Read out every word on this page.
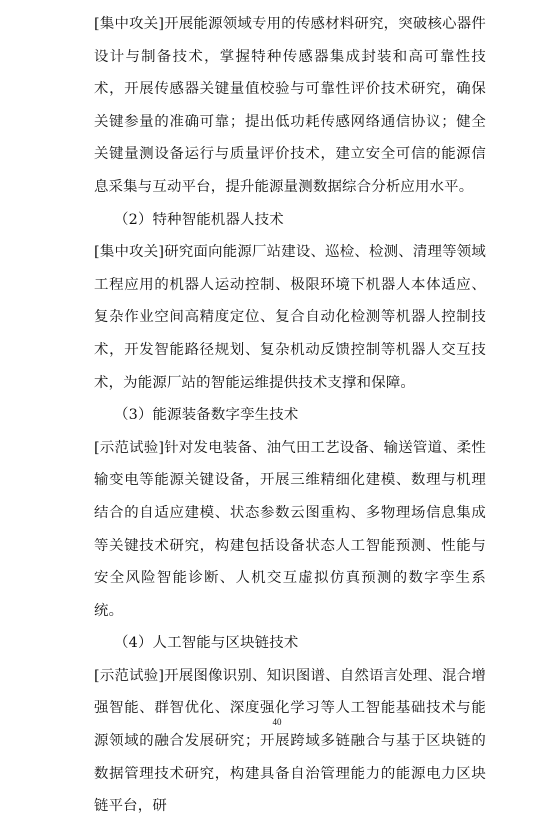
[集中攻关]开展能源领域专用的传感材料研究，突破核心器件设计与制备技术，掌握特种传感器集成封装和高可靠性技术，开展传感器关键量值校验与可靠性评价技术研究，确保关键参量的准确可靠；提出低功耗传感网络通信协议；健全关键量测设备运行与质量评价技术，建立安全可信的能源信息采集与互动平台，提升能源量测数据综合分析应用水平。

（2）特种智能机器人技术

[集中攻关]研究面向能源厂站建设、巡检、检测、清理等领域工程应用的机器人运动控制、极限环境下机器人本体适应、复杂作业空间高精度定位、复合自动化检测等机器人控制技术，开发智能路径规划、复杂机动反馈控制等机器人交互技术，为能源厂站的智能运维提供技术支撑和保障。

（3）能源装备数字孪生技术

[示范试验]针对发电装备、油气田工艺设备、输送管道、柔性输变电等能源关键设备，开展三维精细化建模、数理与机理结合的自适应建模、状态参数云图重构、多物理场信息集成等关键技术研究，构建包括设备状态人工智能预测、性能与安全风险智能诊断、人机交互虚拟仿真预测的数字孪生系统。

（4）人工智能与区块链技术

[示范试验]开展图像识别、知识图谱、自然语言处理、混合增强智能、群智优化、深度强化学习等人工智能基础技术与能源领域的融合发展研究；开展跨域多链融合与基于区块链的数据管理技术研究，构建具备自治管理能力的能源电力区块链平台，研

40
